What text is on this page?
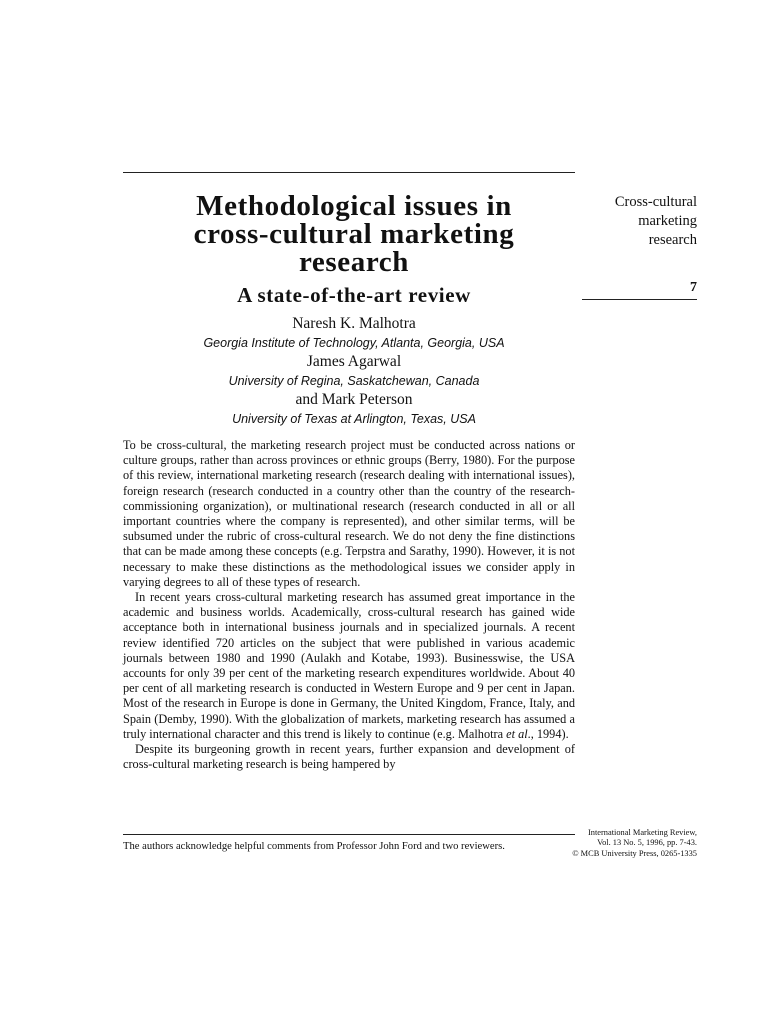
Methodological issues in
cross-cultural marketing
research
A state-of-the-art review
Naresh K. Malhotra
Georgia Institute of Technology, Atlanta, Georgia, USA
James Agarwal
University of Regina, Saskatchewan, Canada
and Mark Peterson
University of Texas at Arlington, Texas, USA

To be cross-cultural, the marketing research project must be conducted across nations or culture groups, rather than across provinces or ethnic groups (Berry, 1980). For the purpose of this review, international marketing research (research dealing with international issues), foreign research (research conducted in a country other than the country of the research-commissioning organization), or multinational research (research conducted in all or all important countries where the company is represented), and other similar terms, will be subsumed under the rubric of cross-cultural research. We do not deny the fine distinctions that can be made among these concepts (e.g. Terpstra and Sarathy, 1990). However, it is not necessary to make these distinctions as the methodological issues we consider apply in varying degrees to all of these types of research.

In recent years cross-cultural marketing research has assumed great importance in the academic and business worlds. Academically, cross-cultural research has gained wide acceptance both in international business journals and in specialized journals. A recent review identified 720 articles on the subject that were published in various academic journals between 1980 and 1990 (Aulakh and Kotabe, 1993). Businesswise, the USA accounts for only 39 per cent of the marketing research expenditures worldwide. About 40 per cent of all marketing research is conducted in Western Europe and 9 per cent in Japan. Most of the research in Europe is done in Germany, the United Kingdom, France, Italy, and Spain (Demby, 1990). With the globalization of markets, marketing research has assumed a truly international character and this trend is likely to continue (e.g. Malhotra et al., 1994).

Despite its burgeoning growth in recent years, further expansion and development of cross-cultural marketing research is being hampered by

The authors acknowledge helpful comments from Professor John Ford and two reviewers.
Cross-cultural
marketing
research
7
International Marketing Review,
Vol. 13 No. 5, 1996, pp. 7-43.
© MCB University Press, 0265-1335
